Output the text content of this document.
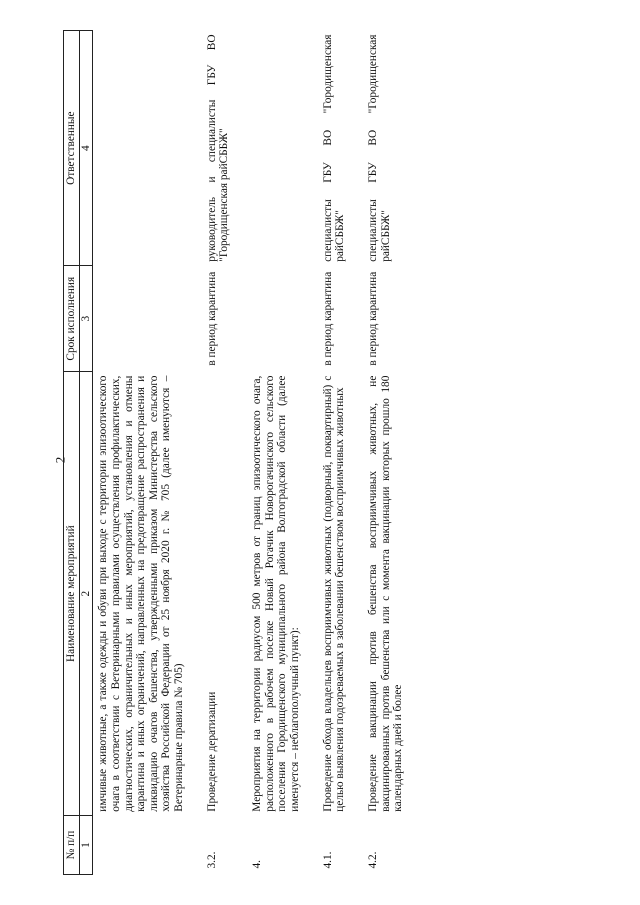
2
№ п/п	Наименование мероприятий	Срок исполнения	Ответственные
1	2	3	4
	имчивые животные, а также одежды и обуви при выходе с территории эпизоотического очага в соответствии с Ветеринарными правилами осуществления профилактических, диагностических, ограничительных и иных мероприятий, установления и отмены карантина и иных ограничений, направленных на предотвращение распространения и ликвидацию очагов бешенства, утвержденными приказом Министерства сельского хозяйства Российской Федерации от 25 ноября 2020 г. № 705 (далее именуются – Ветеринарные правила № 705)		
3.2.	Проведение дератизации	в период карантина	руководитель и специалисты ГБУ ВО "Городищенская райСББЖ"
4.	Мероприятия на территории радиусом 500 метров от границ эпизоотического очага, расположенного в рабочем поселке Новый Рогачик Новорогачинского сельского поселения Городищенского муниципального района Волгоградской области (далее именуется – неблагополучный пункт):		
4.1.	Проведение обхода владельцев восприимчивых животных (подворный, поквартирный) с целью выявления подозреваемых в заболевании бешенством восприимчивых животных	в период карантина	специалисты ГБУ ВО "Городищенская райСББЖ"
4.2.	Проведение вакцинации против бешенства восприимчивых животных, не вакцинированных против бешенства или с момента вакцинации которых прошло 180 календарных дней и более	в период карантина	специалисты ГБУ ВО "Городищенская райСББЖ"
